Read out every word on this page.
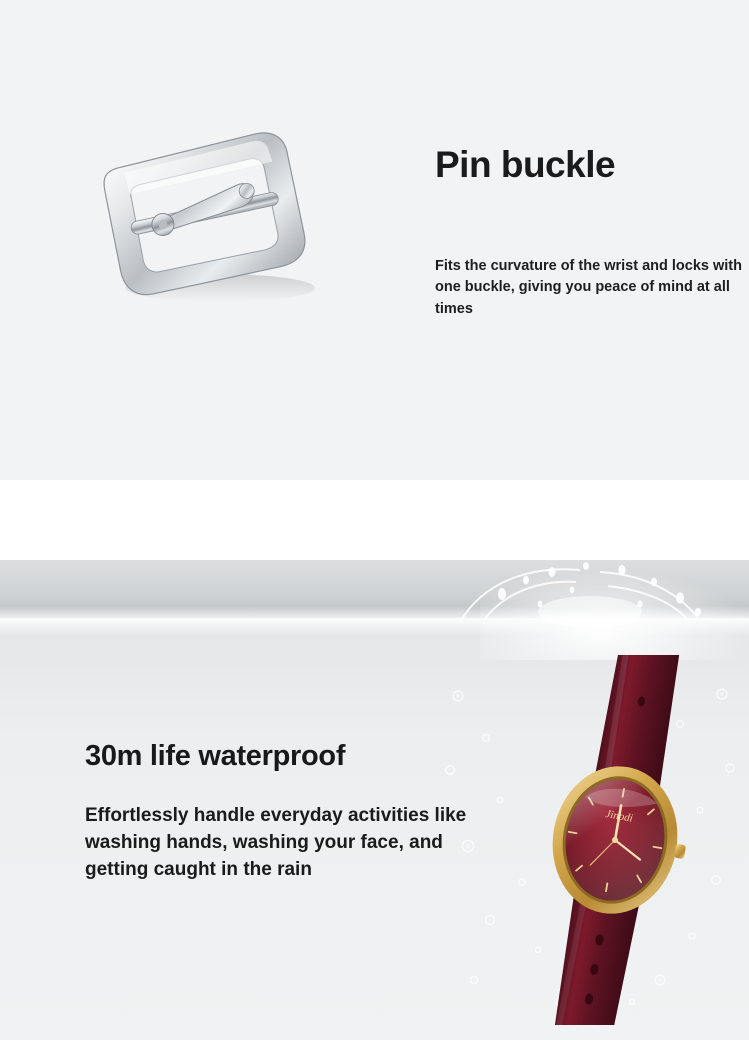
Pin buckle

Fits the curvature of the wrist and locks with one buckle, giving you peace of mind at all times

30m life waterproof

Effortlessly handle everyday activities like washing hands, washing your face, and getting caught in the rain
